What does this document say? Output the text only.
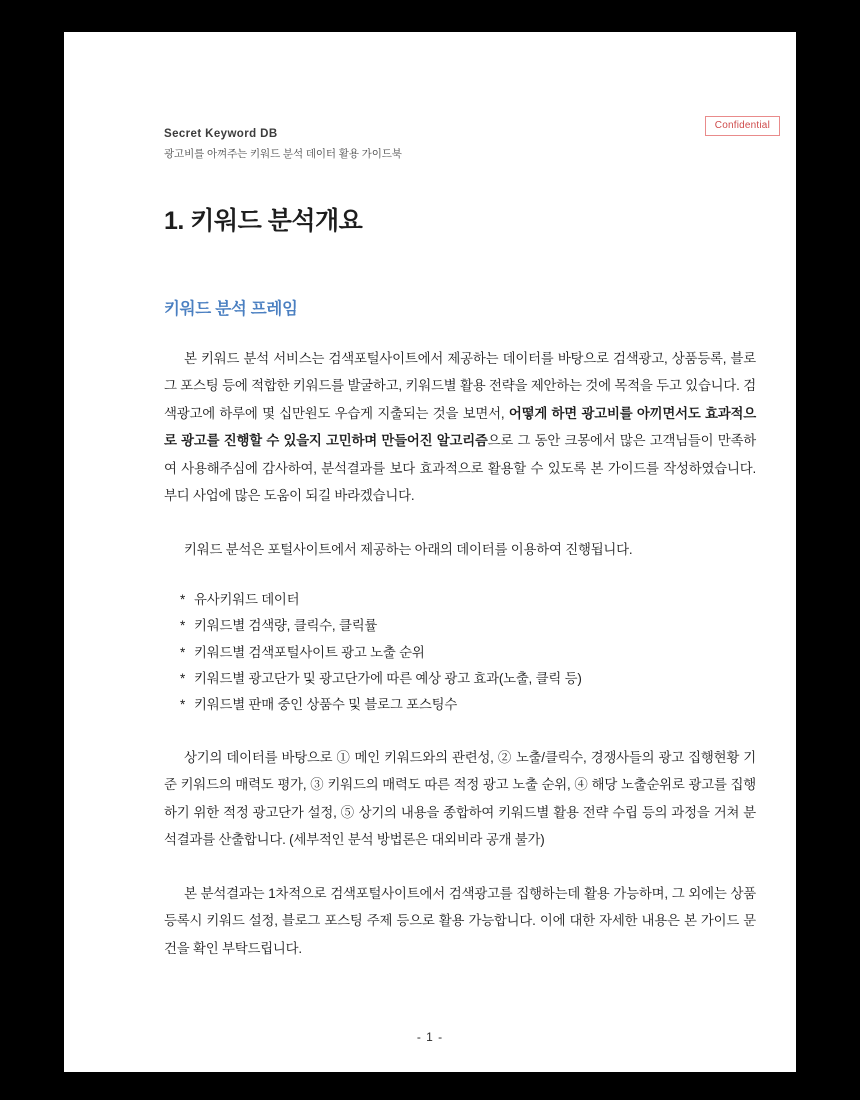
Secret Keyword DB
광고비를 아껴주는 키워드 분석 데이터 활용 가이드북
Confidential
1. 키워드 분석개요
키워드 분석 프레임

본 키워드 분석 서비스는 검색포털사이트에서 제공하는 데이터를 바탕으로 검색광고, 상품등록, 블로그 포스팅 등에 적합한 키워드를 발굴하고, 키워드별 활용 전략을 제안하는 것에 목적을 두고 있습니다. 검색광고에 하루에 몇 십만원도 우습게 지출되는 것을 보면서, 어떻게 하면 광고비를 아끼면서도 효과적으로 광고를 진행할 수 있을지 고민하며 만들어진 알고리즘으로 그 동안 크몽에서 많은 고객님들이 만족하여 사용해주심에 감사하여, 분석결과를 보다 효과적으로 활용할 수 있도록 본 가이드를 작성하였습니다. 부디 사업에 많은 도움이 되길 바라겠습니다.

키워드 분석은 포털사이트에서 제공하는 아래의 데이터를 이용하여 진행됩니다.

* 유사키워드 데이터
* 키워드별 검색량, 클릭수, 클릭률
* 키워드별 검색포털사이트 광고 노출 순위
* 키워드별 광고단가 및 광고단가에 따른 예상 광고 효과(노출, 클릭 등)
* 키워드별 판매 중인 상품수 및 블로그 포스팅수

상기의 데이터를 바탕으로 ① 메인 키워드와의 관련성, ② 노출/클릭수, 경쟁사들의 광고 집행현황 기준 키워드의 매력도 평가, ③ 키워드의 매력도 따른 적정 광고 노출 순위, ④ 해당 노출순위로 광고를 집행하기 위한 적정 광고단가 설정, ⑤ 상기의 내용을 종합하여 키워드별 활용 전략 수립 등의 과정을 거쳐 분석결과를 산출합니다. (세부적인 분석 방법론은 대외비라 공개 불가)

본 분석결과는 1차적으로 검색포털사이트에서 검색광고를 집행하는데 활용 가능하며, 그 외에는 상품 등록시 키워드 설정, 블로그 포스팅 주제 등으로 활용 가능합니다. 이에 대한 자세한 내용은 본 가이드 문건을 확인 부탁드립니다.

- 1 -
